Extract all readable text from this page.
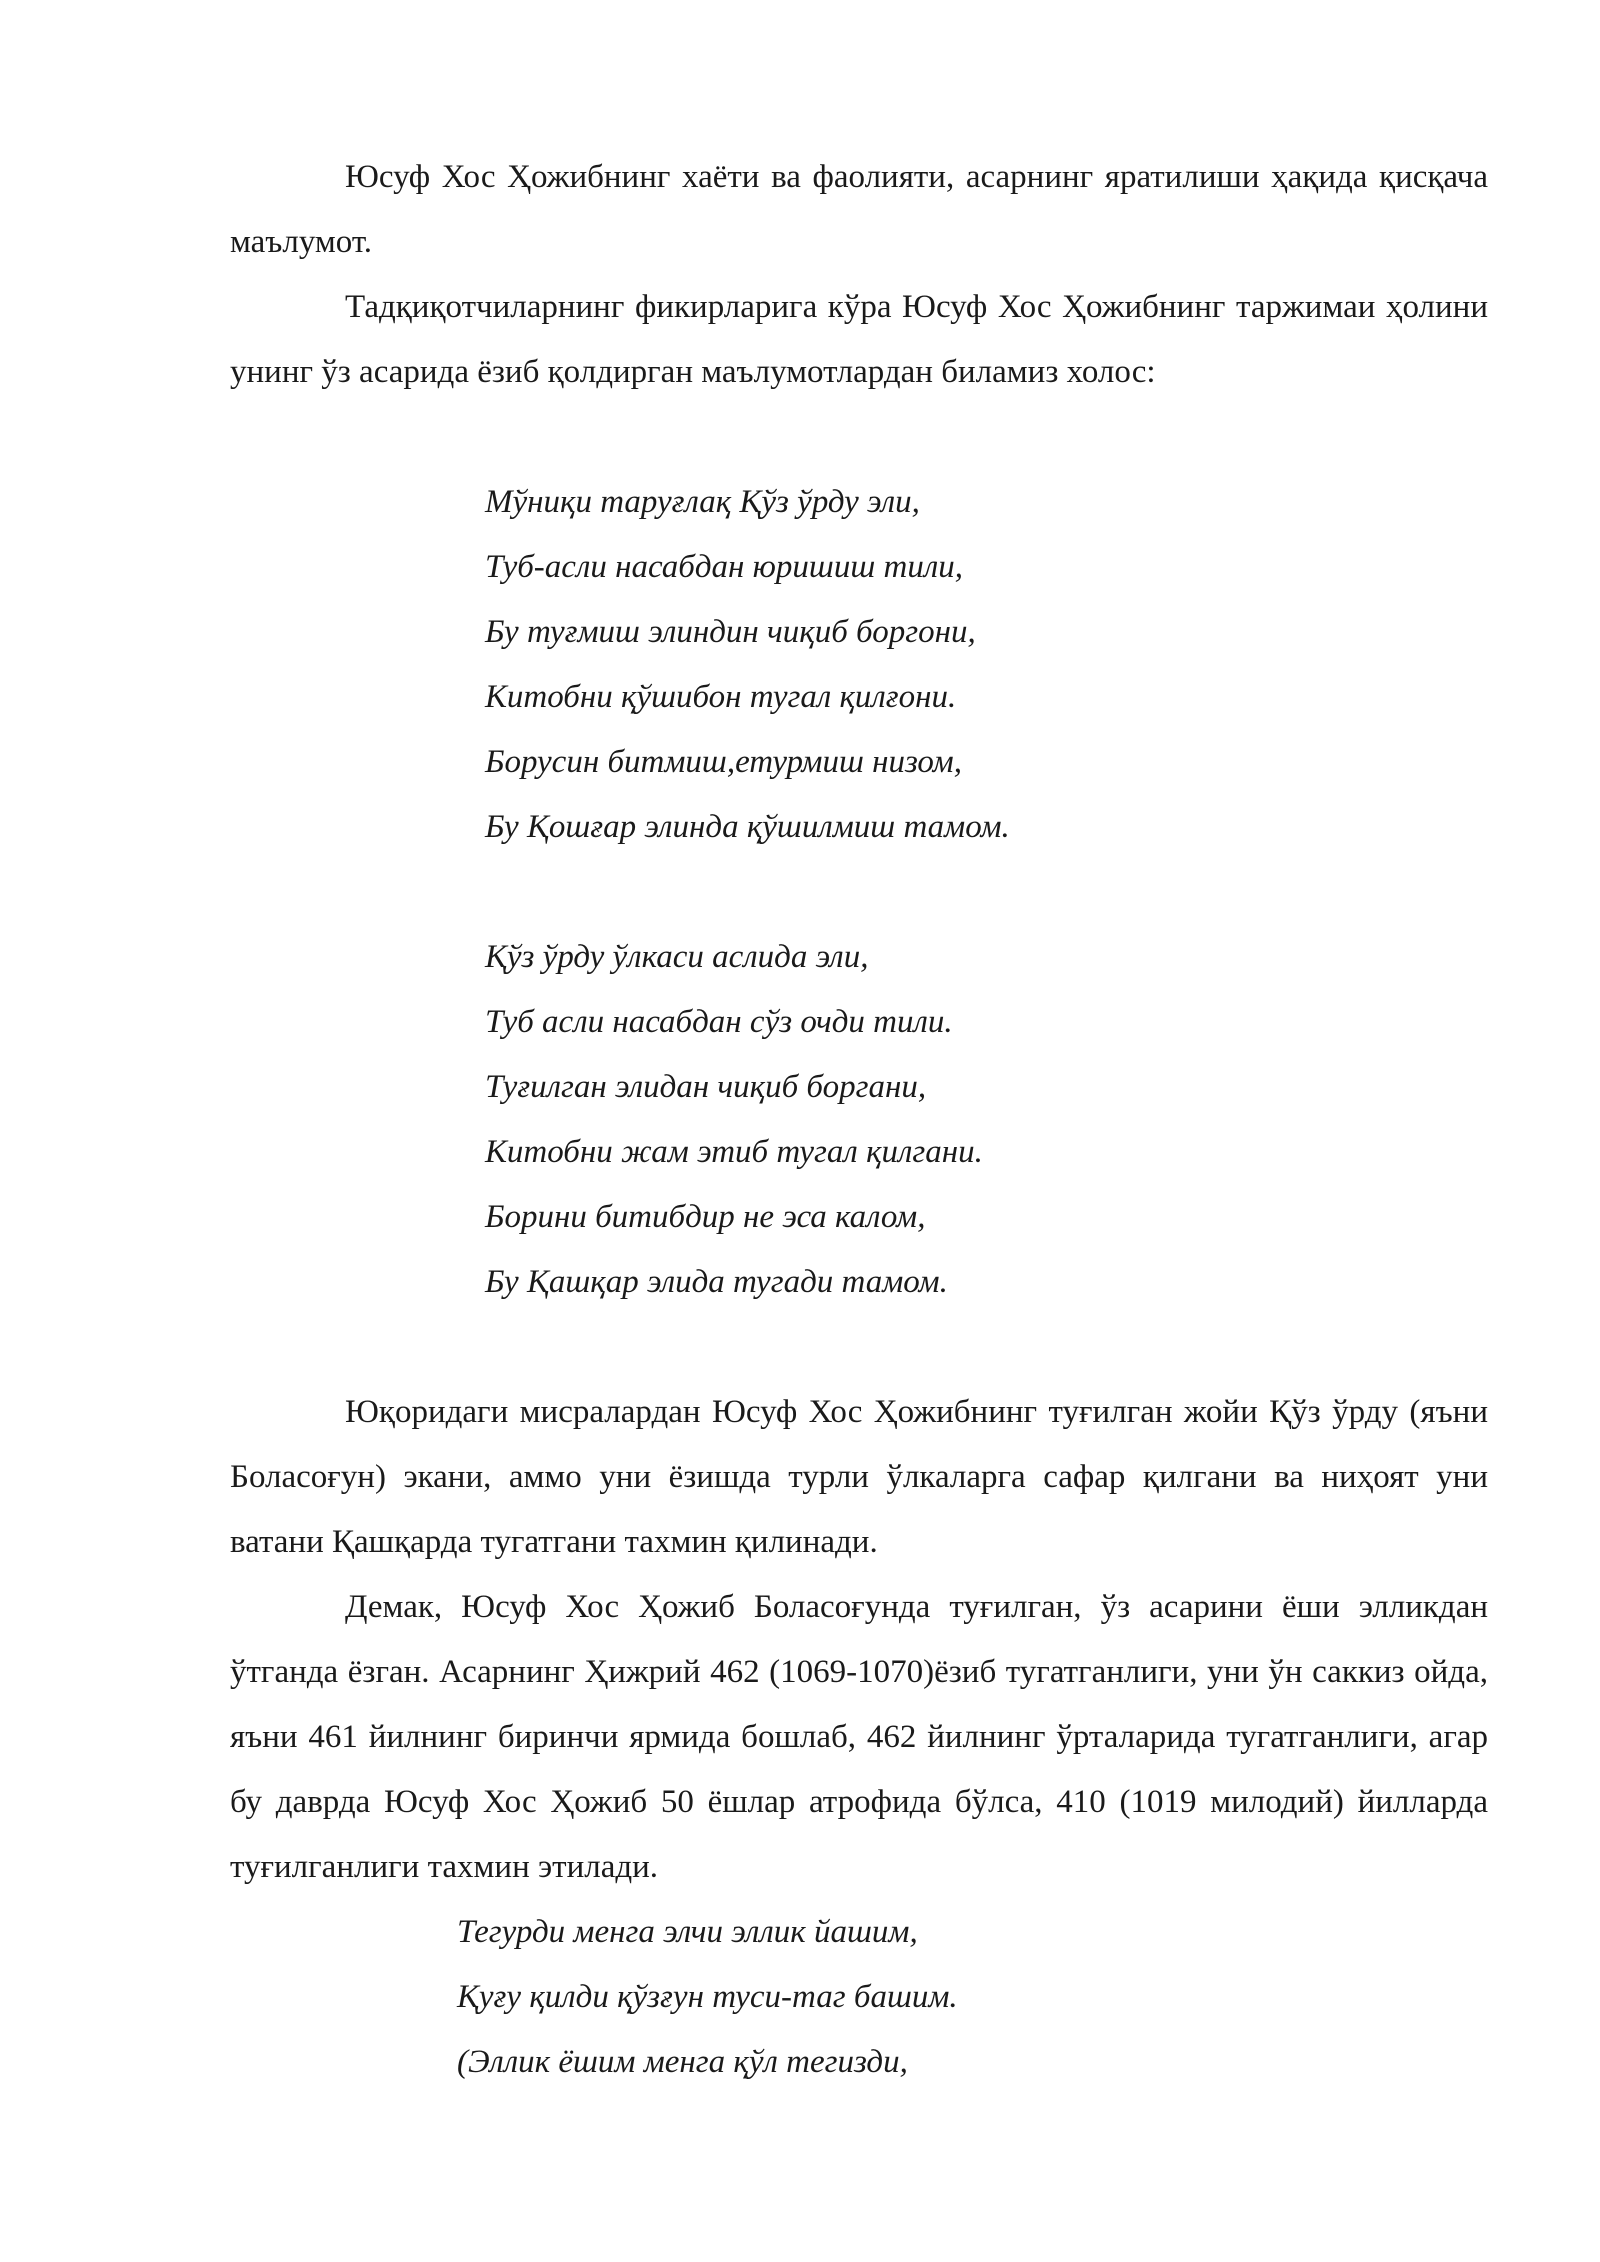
Юсуф Хос Ҳожибнинг хаёти ва фаолияти, асарнинг яратилиши ҳақида қисқача маълумот.

Тадқиқотчиларнинг фикирларига кўра Юсуф Хос Ҳожибнинг таржимаи ҳолини унинг ўз асарида ёзиб қолдирган маълумотлардан биламиз холос:

Мўниқи таруғлақ Қўз ўрду эли,

Туб-асли насабдан юришиш тили,

Бу туғмиш элиндин чиқиб боргони,

Китобни қўшибон тугал қилғони.

Борусин битмиш,етурмиш низом,

Бу Қошғар элинда қўшилмиш тамом.

Қўз ўрду ўлкаси аслида эли,

Туб асли насабдан сўз очди тили.

Туғилган элидан чиқиб боргани,

Китобни жам этиб тугал қилгани.

Борини битибдир не эса калом,

Бу Қашқар элида тугади тамом.

Юқоридаги мисралардан Юсуф Хос Ҳожибнинг туғилган жойи Қўз ўрду (яъни Боласоғун) экани, аммо уни ёзишда турли ўлкаларга сафар қилгани ва ниҳоят уни ватани Қашқарда тугатгани тахмин қилинади.

Демак, Юсуф Хос Ҳожиб Боласоғунда туғилган, ўз асарини ёши элликдан ўтганда ёзган. Асарнинг Ҳижрий 462 (1069-1070)ёзиб тугатганлиги, уни ўн саккиз ойда, яъни 461 йилнинг биринчи ярмида бошлаб, 462 йилнинг ўрталарида тугатганлиги, агар бу даврда Юсуф Хос Ҳожиб 50 ёшлар атрофида бўлса, 410 (1019 милодий) йилларда туғилганлиги тахмин этилади.

Тегурди менга элчи эллик йашим,

Қуғу қилди қўзғун туси-таг башим.

(Эллик ёшим менга қўл тегизди,
